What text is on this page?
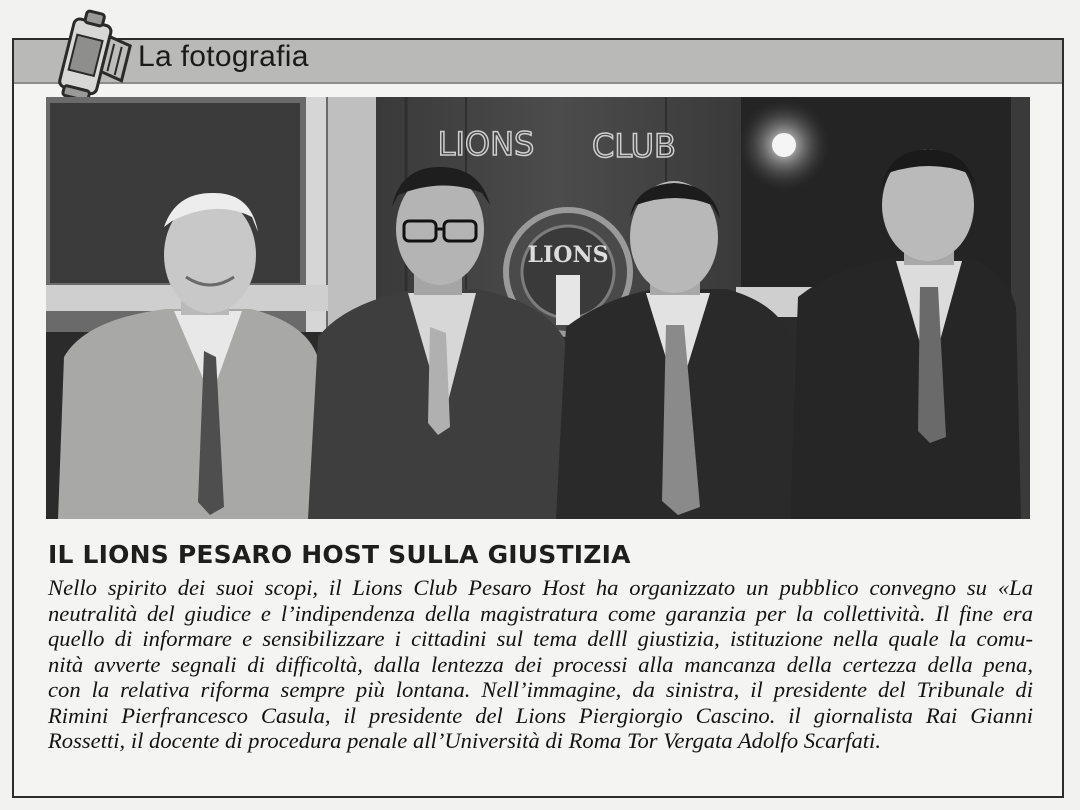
La fotografia
LIONS CLUB
LIONS
IL LIONS PESARO HOST SULLA GIUSTIZIA
Nello spirito dei suoi scopi, il Lions Club Pesaro Host ha organizzato un pubblico convegno su «La
neutralità del giudice e l’indipendenza della magistratura come garanzia per la collettività. Il fine era
quello di informare e sensibilizzare i cittadini sul tema delll giustizia, istituzione nella quale la comu-
nità avverte segnali di difficoltà, dalla lentezza dei processi alla mancanza della certezza della pena,
con la relativa riforma sempre più lontana. Nell’immagine, da sinistra, il presidente del Tribunale di
Rimini Pierfrancesco Casula, il presidente del Lions Piergiorgio Cascino. il giornalista Rai Gianni
Rossetti, il docente di procedura penale all’Università di Roma Tor Vergata Adolfo Scarfati.
